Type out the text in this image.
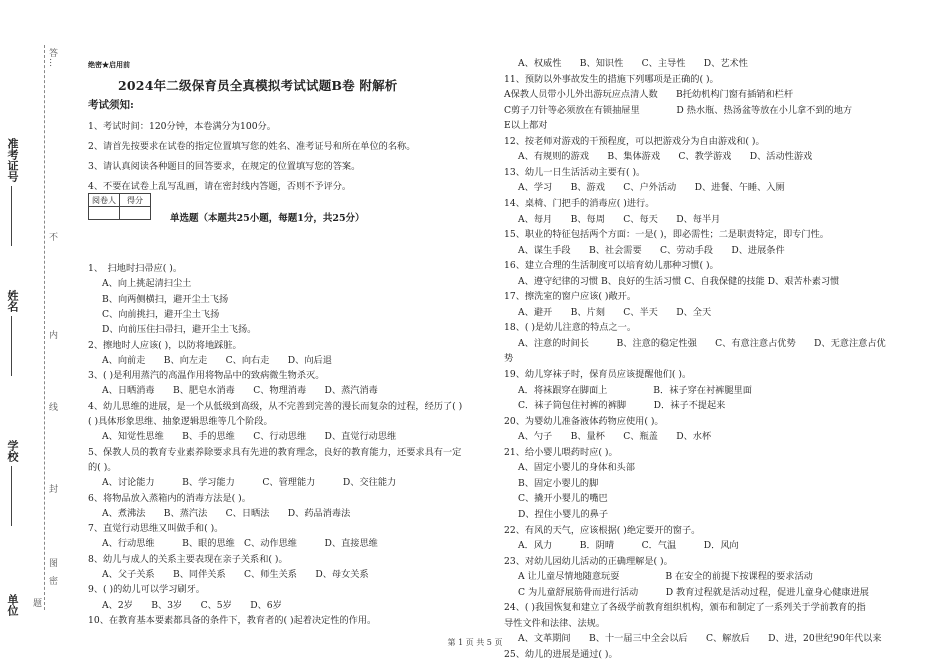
答…
准考证号
不
姓名
内
线
学校
封
图
密
单位 题
绝密★启用前
2024年二级保育员全真模拟考试试题B卷 附解析
考试须知:
1、考试时间：120分钟，本卷满分为100分。
2、请首先按要求在试卷的指定位置填写您的姓名、准考证号和所在单位的名称。
3、请认真阅读各种题目的回答要求，在规定的位置填写您的答案。
4、不要在试卷上乱写乱画，请在密封线内答题，否则不予评分。
阅卷人	得分

单选题（本题共25小题，每题1分，共25分）
1、　扫地时扫帚应( )。
A、向上挑起清扫尘土
B、向两侧横扫，避开尘土飞扬
C、向前挑扫，避开尘土飞扬
D、向前压住扫帚扫，避开尘土飞扬。
2、擦地时人应该( )，以防将地踩脏。
A、向前走　　B、向左走　　C、向右走　　D、向后退
3、( )是利用蒸汽的高温作用将物品中的致病微生物杀灭。
A、日晒消毒　　B、肥皂水消毒　　C、物理消毒　　D、蒸汽消毒
4、幼儿思维的进展，是一个从低级到高级，从不完善到完善的漫长而复杂的过程，经历了( )
( )具体形象思维、抽象逻辑思维等几个阶段。
A、知觉性思维　　B、手的思维　　C、行动思维　　D、直觉行动思维
5、保教人员的教育专业素养除要求具有先进的教育理念，良好的教育能力，还要求具有一定
的( )。
A、讨论能力　　　B、学习能力　　　C、管理能力　　　D、交往能力
6、将物品放入蒸箱内的消毒方法是( )。
A、煮沸法　　B、蒸汽法　　C、日晒法　　D、药品消毒法
7、直觉行动思维又叫做手和( )。
A、行动思维　　　B、眼的思维　C、动作思维　　　D、直接思维
8、幼儿与成人的关系主要表现在亲子关系和( )。
A、父子关系　　B、同伴关系　　C、师生关系　　D、母女关系
9、( )的幼儿可以学习刷牙。
A、2岁　　B、3岁　　C、5岁　　D、6岁
10、在教育基本要素都具备的条件下，教育者的( )起着决定性的作用。
A、权威性　　B、知识性　　C、主导性　　D、艺术性
11、预防以外事故发生的措施下列哪项是正确的( )。
A保教人员带小儿外出游玩应点清人数　　B托幼机构门窗有插销和栏杆
C剪子刀针等必须放在有锁抽屉里　　　　D 热水瓶、热汤盆等放在小儿拿不到的地方
E以上都对
12、按老师对游戏的干预程度，可以把游戏分为自由游戏和( )。
A、有规则的游戏　　B、集体游戏　　C、教学游戏　　D、活动性游戏
13、幼儿一日生活活动主要有( )。
A、学习　　B、游戏　　C、户外活动　　D、进餐、午睡、入厕
14、桌椅、门把手的消毒应( )进行。
A、每月　　B、每周　　C、每天　　D、每半月
15、职业的特征包括两个方面：一是( )，即必需性；二是职责特定，即专门性。
A、谋生手段　　B、社会需要　　C、劳动手段　　D、进展条件
16、建立合理的生活制度可以培育幼儿那种习惯( )。
A、遵守纪律的习惯 B、良好的生活习惯 C、自我保健的技能 D、艰苦朴素习惯
17、擦洗室的窗户应该( )敞开。
A、避开　　B、片刻　　C、半天　　D、全天
18、( )是幼儿注意的特点之一。
A、注意的时间长　　　B、注意的稳定性强　　C、有意注意占优势　　D、无意注意占优
势
19、幼儿穿袜子时，保育员应该提醒他们( )。
A．将袜跟穿在脚面上　　　　　B．袜子穿在衬裤腿里面
C．袜子筒包住衬裤的裤脚　　　D．袜子不提起来
20、为婴幼儿准备液体药物应使用( )。
A、勺子　　B、量杯　　C、瓶盖　　D、水杯
21、给小婴儿喂药时应( )。
A、固定小婴儿的身体和头部
B、固定小婴儿的脚
C、撬开小婴儿的嘴巴
D、捏住小婴儿的鼻子
22、有风的天气，应该根据( )绝定要开的窗子。
A．风力　　　B．阴晴　　　C．气温　　　D．风向
23、对幼儿园幼儿活动的正确理解是( )。
A 让儿童尽情地随意玩耍　　　　　B 在安全的前提下按课程的要求活动
C 为儿童舒展筋骨而进行活动　　　D 教育过程就是活动过程，促进儿童身心健康进展
24、( )我国恢复和建立了各级学前教育组织机构，颁布和制定了一系列关于学前教育的指
导性文件和法律、法规。
A、文革期间　　B、十一届三中全会以后　　C、解放后　　D、进，20世纪90年代以来
25、幼儿的进展是通过( )。
第 1 页 共 5 页
